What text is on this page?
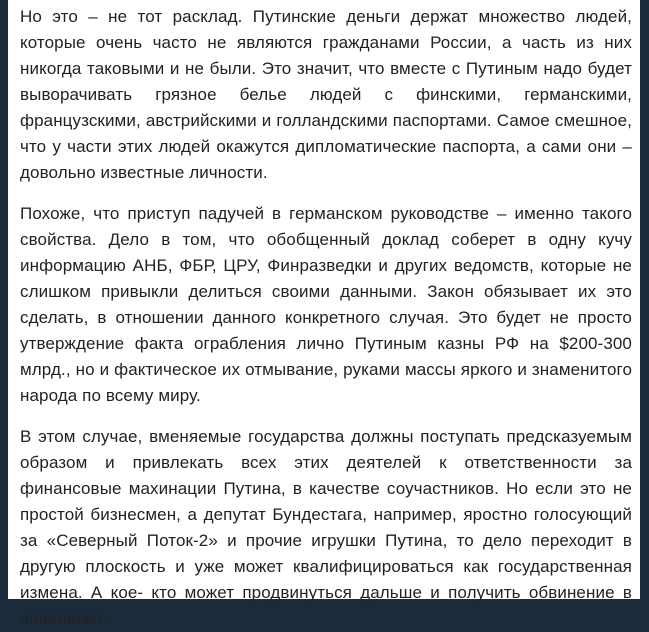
Но это – не тот расклад. Путинские деньги держат множество людей, которые очень часто не являются гражданами России, а часть из них никогда таковыми и не были. Это значит, что вместе с Путиным надо будет выворачивать грязное белье людей с финскими, германскими, французскими, австрийскими и голландскими паспортами. Самое смешное, что у части этих людей окажутся дипломатические паспорта, а сами они – довольно известные личности.

Похоже, что приступ падучей в германском руководстве – именно такого свойства. Дело в том, что обобщенный доклад соберет в одну кучу информацию АНБ, ФБР, ЦРУ, Финразведки и других ведомств, которые не слишком привыкли делиться своими данными. Закон обязывает их это сделать, в отношении данного конкретного случая. Это будет не просто утверждение факта ограбления лично Путиным казны РФ на $200-300 млрд., но и фактическое их отмывание, руками массы яркого и знаменитого народа по всему миру.

В этом случае, вменяемые государства должны поступать предсказуемым образом и привлекать всех этих деятелей к ответственности за финансовые махинации Путина, в качестве соучастников. Но если это не простой бизнесмен, а депутат Бундестага, например, яростно голосующий за «Северный Поток-2» и прочие игрушки Путина, то дело переходит в другую плоскость и уже может квалифицироваться как государственная измена. А кое- кто может продвинуться дальше и получить обвинение в шпионаже.
